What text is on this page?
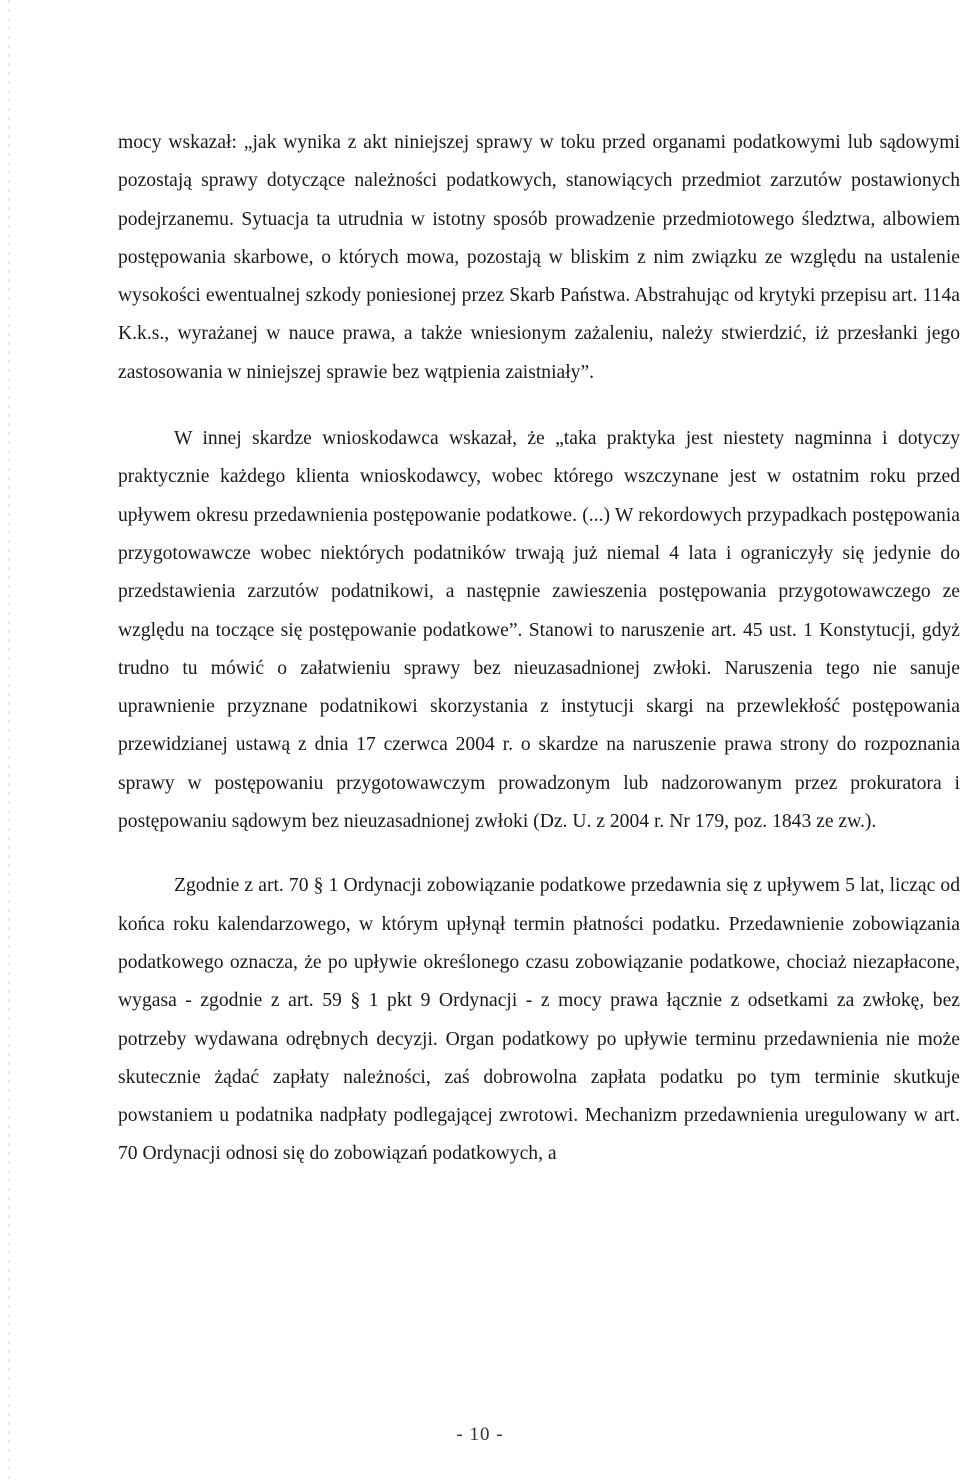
mocy wskazał: „jak wynika z akt niniejszej sprawy w toku przed organami podatkowymi lub sądowymi pozostają sprawy dotyczące należności podatkowych, stanowiących przedmiot zarzutów postawionych podejrzanemu. Sytuacja ta utrudnia w istotny sposób prowadzenie przedmiotowego śledztwa, albowiem postępowania skarbowe, o których mowa, pozostają w bliskim z nim związku ze względu na ustalenie wysokości ewentualnej szkody poniesionej przez Skarb Państwa. Abstrahując od krytyki przepisu art. 114a K.k.s., wyrażanej w nauce prawa, a także wniesionym zażaleniu, należy stwierdzić, iż przesłanki jego zastosowania w niniejszej sprawie bez wątpienia zaistniały”.

W innej skardze wnioskodawca wskazał, że „taka praktyka jest niestety nagminna i dotyczy praktycznie każdego klienta wnioskodawcy, wobec którego wszczynane jest w ostatnim roku przed upływem okresu przedawnienia postępowanie podatkowe. (...) W rekordowych przypadkach postępowania przygotowawcze wobec niektórych podatników trwają już niemal 4 lata i ograniczyły się jedynie do przedstawienia zarzutów podatnikowi, a następnie zawieszenia postępowania przygotowawczego ze względu na toczące się postępowanie podatkowe”. Stanowi to naruszenie art. 45 ust. 1 Konstytucji, gdyż trudno tu mówić o załatwieniu sprawy bez nieuzasadnionej zwłoki. Naruszenia tego nie sanuje uprawnienie przyznane podatnikowi skorzystania z instytucji skargi na przewlekłość postępowania przewidzianej ustawą z dnia 17 czerwca 2004 r. o skardze na naruszenie prawa strony do rozpoznania sprawy w postępowaniu przygotowawczym prowadzonym lub nadzorowanym przez prokuratora i postępowaniu sądowym bez nieuzasadnionej zwłoki (Dz. U. z 2004 r. Nr 179, poz. 1843 ze zw.).

Zgodnie z art. 70 § 1 Ordynacji zobowiązanie podatkowe przedawnia się z upływem 5 lat, licząc od końca roku kalendarzowego, w którym upłynął termin płatności podatku. Przedawnienie zobowiązania podatkowego oznacza, że po upływie określonego czasu zobowiązanie podatkowe, chociaż niezapłacone, wygasa - zgodnie z art. 59 § 1 pkt 9 Ordynacji - z mocy prawa łącznie z odsetkami za zwłokę, bez potrzeby wydawana odrębnych decyzji. Organ podatkowy po upływie terminu przedawnienia nie może skutecznie żądać zapłaty należności, zaś dobrowolna zapłata podatku po tym terminie skutkuje powstaniem u podatnika nadpłaty podlegającej zwrotowi. Mechanizm przedawnienia uregulowany w art. 70 Ordynacji odnosi się do zobowiązań podatkowych, a

- 10 -
